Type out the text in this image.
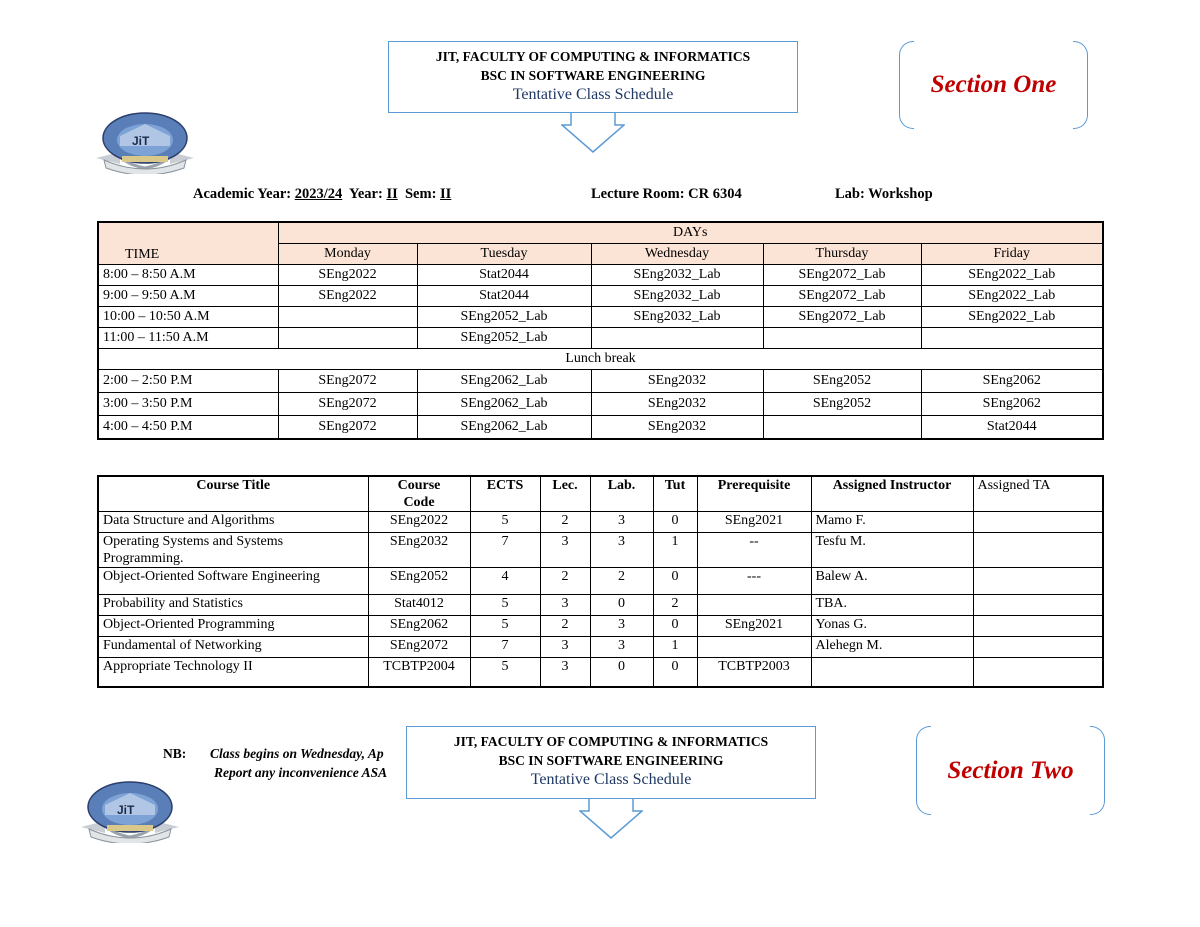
JIT, FACULTY OF COMPUTING & INFORMATICS
BSC IN SOFTWARE ENGINEERING
Tentative Class Schedule
JiT
Section One
Academic Year: 2023/24 Year: II Sem: II	Lecture Room: CR 6304	Lab: Workshop
TIME	DAYs				
	Monday	Tuesday	Wednesday	Thursday	Friday
8:00 – 8:50 A.M	SEng2022	Stat2044	SEng2032_Lab	SEng2072_Lab	SEng2022_Lab
9:00 – 9:50 A.M	SEng2022	Stat2044	SEng2032_Lab	SEng2072_Lab	SEng2022_Lab
10:00 – 10:50 A.M		SEng2052_Lab	SEng2032_Lab	SEng2072_Lab	SEng2022_Lab
11:00 – 11:50 A.M		SEng2052_Lab			
Lunch break					
2:00 – 2:50 P.M	SEng2072	SEng2062_Lab	SEng2032	SEng2052	SEng2062
3:00 – 3:50 P.M	SEng2072	SEng2062_Lab	SEng2032	SEng2052	SEng2062
4:00 – 4:50 P.M	SEng2072	SEng2062_Lab	SEng2032		Stat2044
Course Title	Course Code	ECTS	Lec.	Lab.	Tut	Prerequisite	Assigned Instructor	Assigned TA
Data Structure and Algorithms	SEng2022	5	2	3	0	SEng2021	Mamo F.	
Operating Systems and Systems Programming.	SEng2032	7	3	3	1	--	Tesfu M.	
Object-Oriented Software Engineering	SEng2052	4	2	2	0	---	Balew A.	
Probability and Statistics	Stat4012	5	3	0	2		TBA.	
Object-Oriented Programming	SEng2062	5	2	3	0	SEng2021	Yonas G.	
Fundamental of Networking	SEng2072	7	3	3	1		Alehegn M.	
Appropriate Technology II	TCBTP2004	5	3	0	0	TCBTP2003		
NB: Class begins on Wednesday, Ap
Report any inconvenience ASA
JIT, FACULTY OF COMPUTING & INFORMATICS
BSC IN SOFTWARE ENGINEERING
Tentative Class Schedule
JiT
Section Two
